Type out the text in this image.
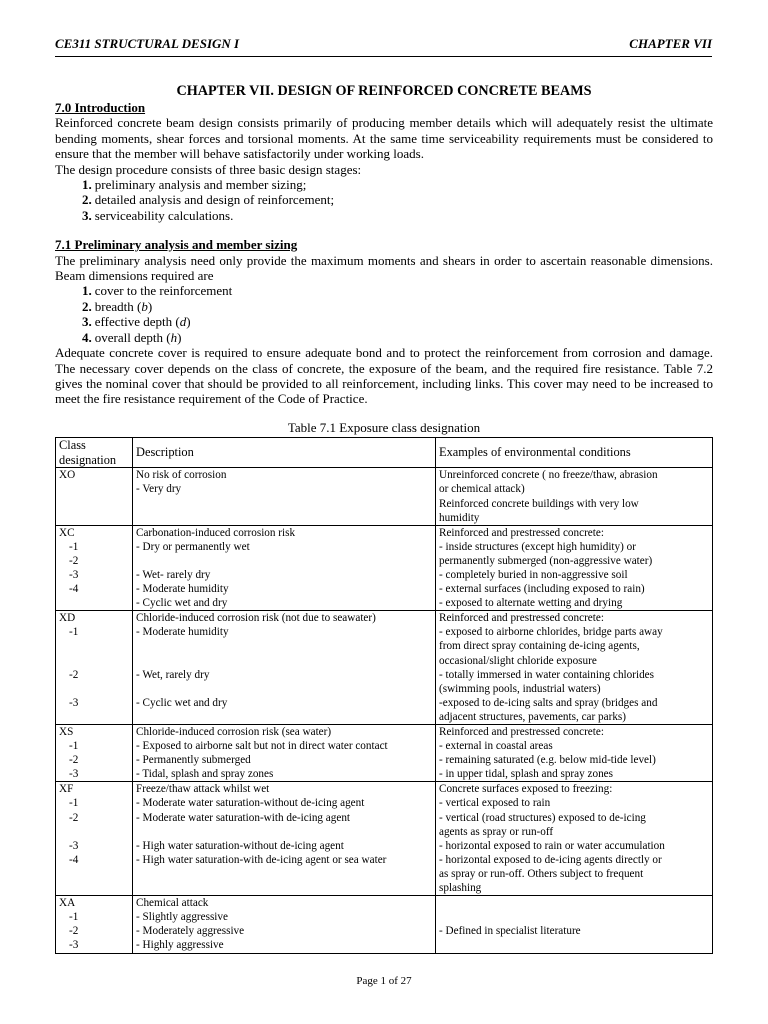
CE311 STRUCTURAL DESIGN I	CHAPTER VII

CHAPTER VII. DESIGN OF REINFORCED CONCRETE BEAMS

7.0 Introduction

Reinforced concrete beam design consists primarily of producing member details which will adequately resist the ultimate bending moments, shear forces and torsional moments. At the same time serviceability requirements must be considered to ensure that the member will behave satisfactorily under working loads.

The design procedure consists of three basic design stages:

1. preliminary analysis and member sizing;
2. detailed analysis and design of reinforcement;
3. serviceability calculations.
7.1 Preliminary analysis and member sizing

The preliminary analysis need only provide the maximum moments and shears in order to ascertain reasonable dimensions. Beam dimensions required are

1. cover to the reinforcement
2. breadth (b)
3. effective depth (d)
4. overall depth (h)

Adequate concrete cover is required to ensure adequate bond and to protect the reinforcement from corrosion and damage. The necessary cover depends on the class of concrete, the exposure of the beam, and the required fire resistance. Table 7.2 gives the nominal cover that should be provided to all reinforcement, including links. This cover may need to be increased to meet the fire resistance requirement of the Code of Practice.

Table 7.1 Exposure class designation
Class
designation	Description	Examples of environmental conditions
XO	No risk of corrosion	Unreinforced concrete ( no freeze/thaw, abrasion

	- Very dry	or chemical attack)

		Reinforced concrete buildings with very low

		humidity
XC	Carbonation-induced corrosion risk	Reinforced and prestressed concrete:

-1	- Dry or permanently wet	- inside structures (except high humidity) or

-2		permanently submerged (non-aggressive water)

-3	- Wet- rarely dry	- completely buried in non-aggressive soil

-4	- Moderate humidity	- external surfaces (including exposed to rain)

	- Cyclic wet and dry	- exposed to alternate wetting and drying
XD	Chloride-induced corrosion risk (not due to seawater)	Reinforced and prestressed concrete:

-1	- Moderate humidity	- exposed to airborne chlorides, bridge parts away

		from direct spray containing de-icing agents,

		occasional/slight chloride exposure

-2	- Wet, rarely dry	- totally immersed in water containing chlorides

		(swimming pools, industrial waters)

-3	- Cyclic wet and dry	-exposed to de-icing salts and spray (bridges and

		adjacent structures, pavements, car parks)
XS	Chloride-induced corrosion risk (sea water)	Reinforced and prestressed concrete:

-1	- Exposed to airborne salt but not in direct water contact	- external in coastal areas

-2	- Permanently submerged	- remaining saturated (e.g. below mid-tide level)

-3	- Tidal, splash and spray zones	- in upper tidal, splash and spray zones
XF	Freeze/thaw attack whilst wet	Concrete surfaces exposed to freezing:

-1	- Moderate water saturation-without de-icing agent	- vertical exposed to rain

-2	- Moderate water saturation-with de-icing agent	- vertical (road structures) exposed to de-icing

		agents as spray or run-off

-3	- High water saturation-without de-icing agent	- horizontal exposed to rain or water accumulation

-4	- High water saturation-with de-icing agent or sea water	- horizontal exposed to de-icing agents directly or

		as spray or run-off. Others subject to frequent

		splashing
XA	Chemical attack	

-1	- Slightly aggressive	

-2	- Moderately aggressive	- Defined in specialist literature

-3	- Highly aggressive	
Page 1 of 27
